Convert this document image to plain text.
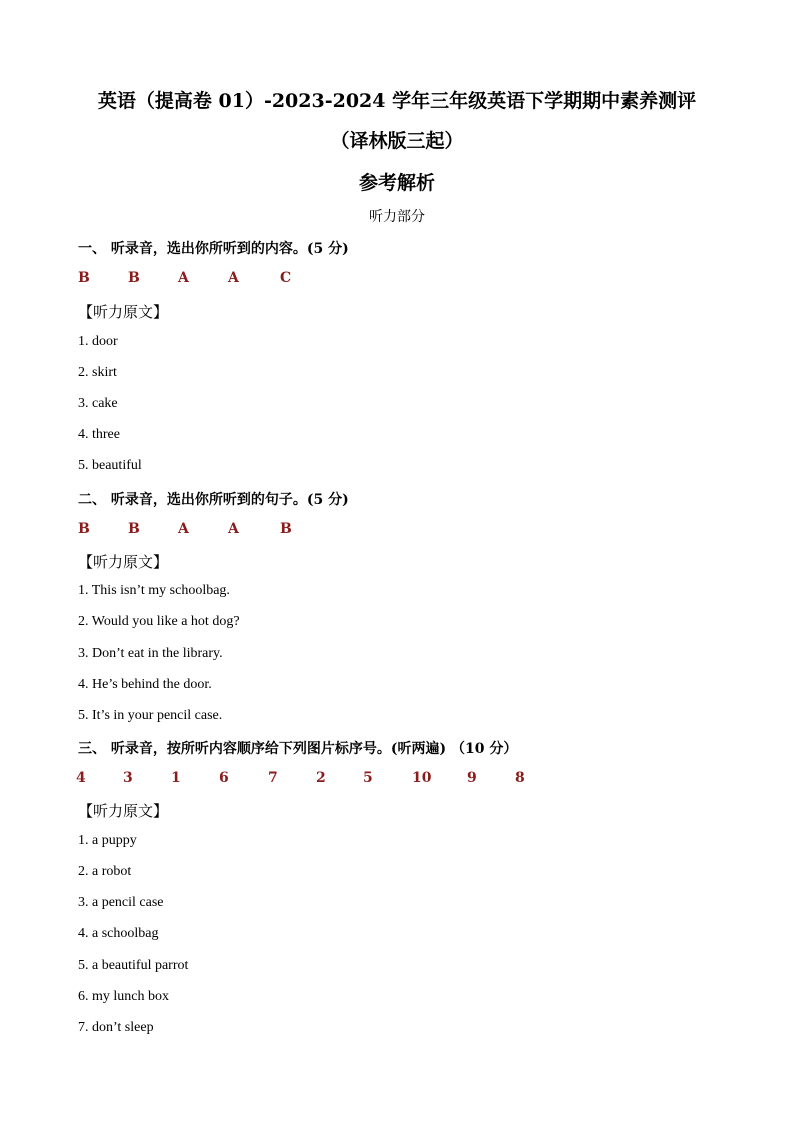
英语（提高卷 01）-2023-2024 学年三年级英语下学期期中素养测评
（译林版三起）
参考解析
听力部分
一、 听录音，选出你所听到的内容。(5 分)
B	B	A	A	C
【听力原文】
1. door
2. skirt
3. cake
4. three
5. beautiful
二、 听录音，选出你所听到的句子。(5 分)
B	B	A	A	B
【听力原文】
1. This isn’t my schoolbag.
2. Would you like a hot dog?
3. Don’t eat in the library.
4. He’s behind the door.
5. It’s in your pencil case.
三、 听录音，按所听内容顺序给下列图片标序号。(听两遍) （10 分）
4	3	1	6	7	2	5	10	9	8
【听力原文】
1. a puppy
2. a robot
3. a pencil case
4. a schoolbag
5. a beautiful parrot
6. my lunch box
7. don’t sleep
